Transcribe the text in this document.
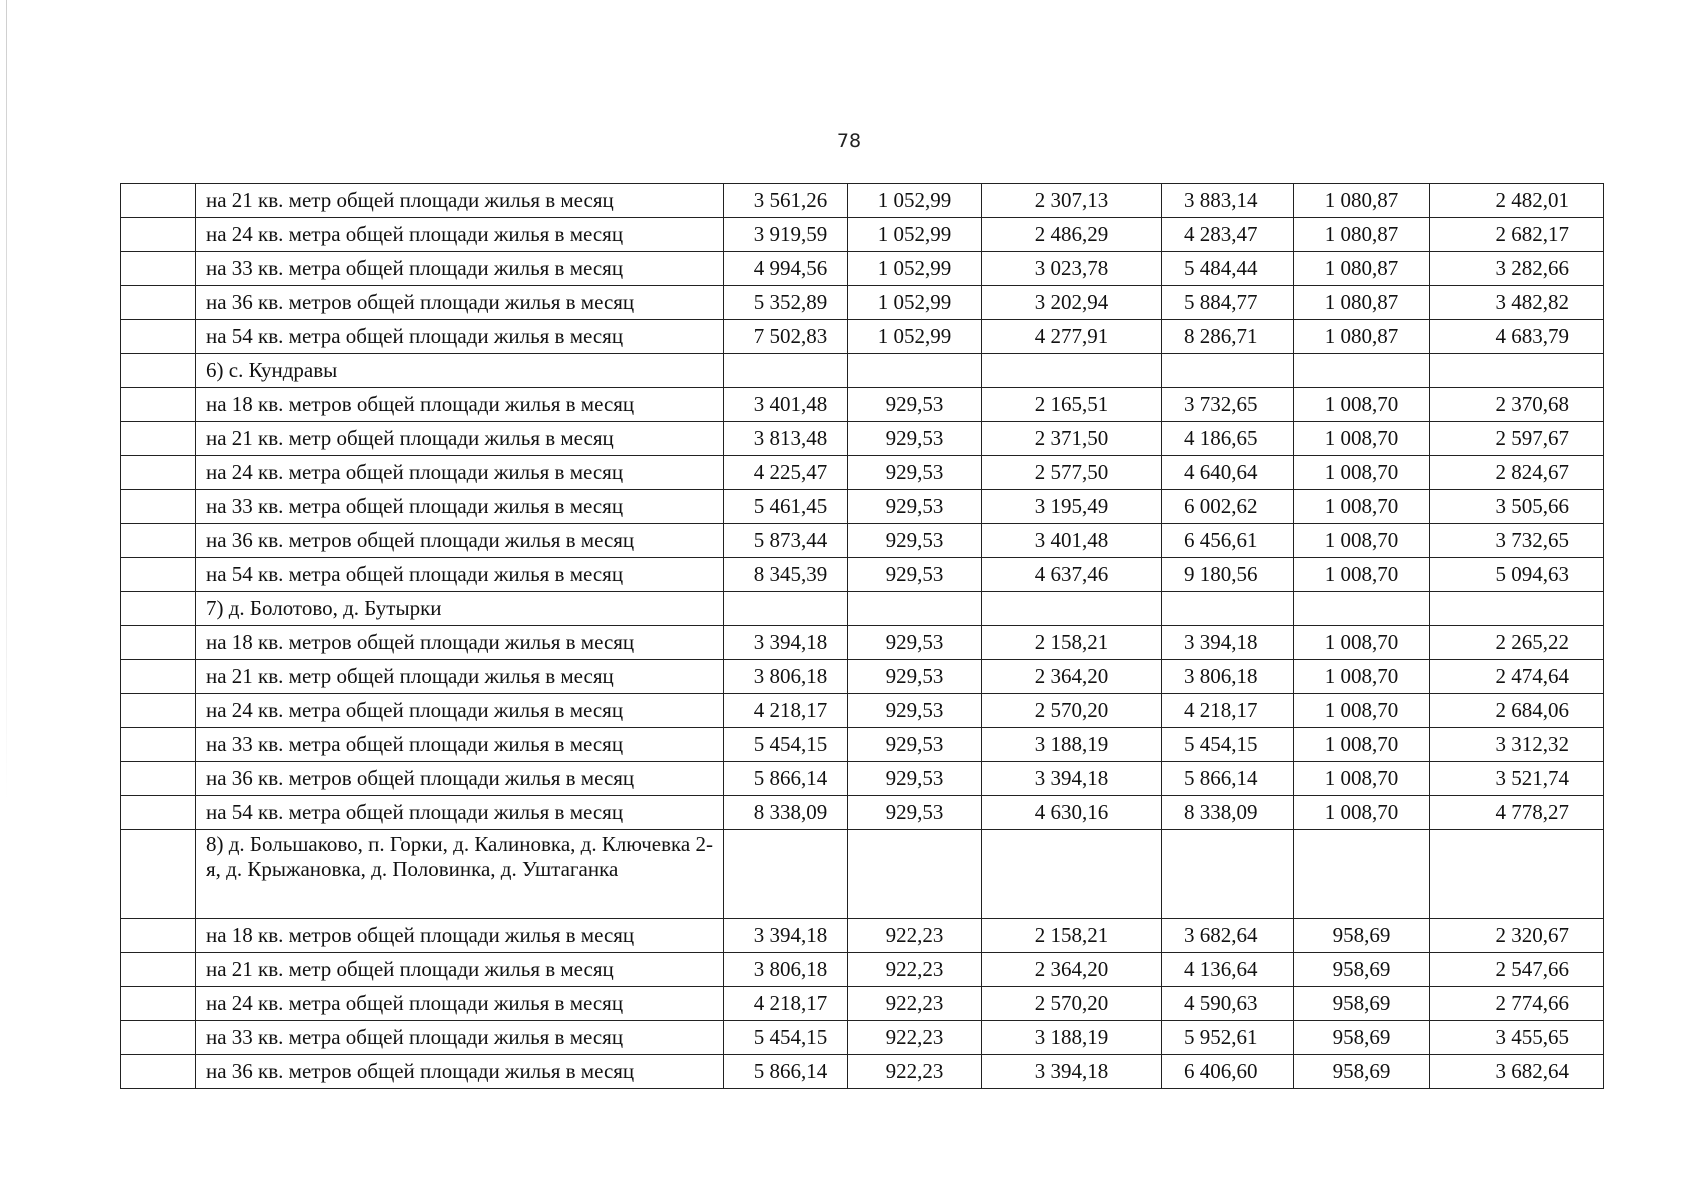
78
	на 21 кв. метр общей площади жилья в месяц	3 561,26	1 052,99	2 307,13	3 883,14	1 080,87	2 482,01
	на 24 кв. метра общей площади жилья в месяц	3 919,59	1 052,99	2 486,29	4 283,47	1 080,87	2 682,17
	на 33 кв. метра общей площади жилья в месяц	4 994,56	1 052,99	3 023,78	5 484,44	1 080,87	3 282,66
	на 36 кв. метров общей площади жилья в месяц	5 352,89	1 052,99	3 202,94	5 884,77	1 080,87	3 482,82
	на 54 кв. метра общей площади жилья в месяц	7 502,83	1 052,99	4 277,91	8 286,71	1 080,87	4 683,79
	6) с. Кундравы						
	на 18 кв. метров общей площади жилья в месяц	3 401,48	929,53	2 165,51	3 732,65	1 008,70	2 370,68
	на 21 кв. метр общей площади жилья в месяц	3 813,48	929,53	2 371,50	4 186,65	1 008,70	2 597,67
	на 24 кв. метра общей площади жилья в месяц	4 225,47	929,53	2 577,50	4 640,64	1 008,70	2 824,67
	на 33 кв. метра общей площади жилья в месяц	5 461,45	929,53	3 195,49	6 002,62	1 008,70	3 505,66
	на 36 кв. метров общей площади жилья в месяц	5 873,44	929,53	3 401,48	6 456,61	1 008,70	3 732,65
	на 54 кв. метра общей площади жилья в месяц	8 345,39	929,53	4 637,46	9 180,56	1 008,70	5 094,63
	7) д. Болотово, д. Бутырки						
	на 18 кв. метров общей площади жилья в месяц	3 394,18	929,53	2 158,21	3 394,18	1 008,70	2 265,22
	на 21 кв. метр общей площади жилья в месяц	3 806,18	929,53	2 364,20	3 806,18	1 008,70	2 474,64
	на 24 кв. метра общей площади жилья в месяц	4 218,17	929,53	2 570,20	4 218,17	1 008,70	2 684,06
	на 33 кв. метра общей площади жилья в месяц	5 454,15	929,53	3 188,19	5 454,15	1 008,70	3 312,32
	на 36 кв. метров общей площади жилья в месяц	5 866,14	929,53	3 394,18	5 866,14	1 008,70	3 521,74
	на 54 кв. метра общей площади жилья в месяц	8 338,09	929,53	4 630,16	8 338,09	1 008,70	4 778,27
	8) д. Большаково, п. Горки, д. Калиновка, д. Ключевка 2-я, д. Крыжановка, д. Половинка, д. Уштаганка						
	на 18 кв. метров общей площади жилья в месяц	3 394,18	922,23	2 158,21	3 682,64	958,69	2 320,67
	на 21 кв. метр общей площади жилья в месяц	3 806,18	922,23	2 364,20	4 136,64	958,69	2 547,66
	на 24 кв. метра общей площади жилья в месяц	4 218,17	922,23	2 570,20	4 590,63	958,69	2 774,66
	на 33 кв. метра общей площади жилья в месяц	5 454,15	922,23	3 188,19	5 952,61	958,69	3 455,65
	на 36 кв. метров общей площади жилья в месяц	5 866,14	922,23	3 394,18	6 406,60	958,69	3 682,64
